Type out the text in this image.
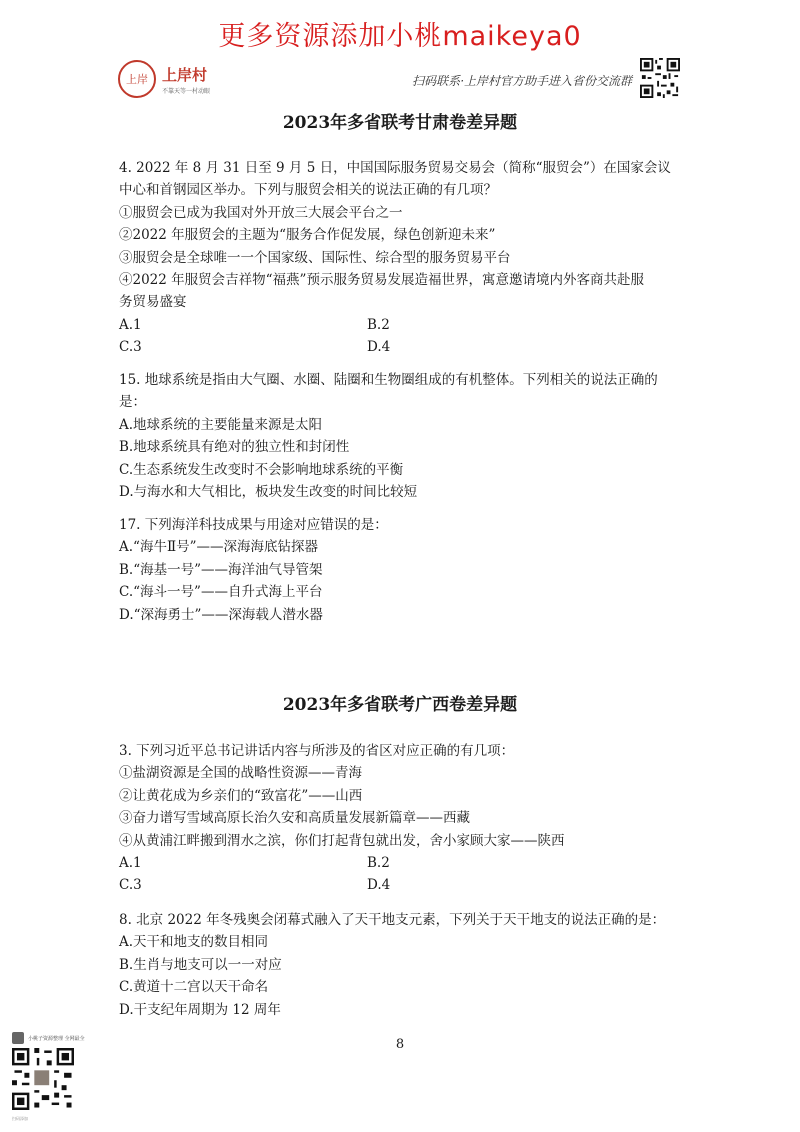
更多资源添加小桃maikeya0
上岸 上岸村
不靠天等一村动眼
扫码联系·上岸村官方助手进入省份交流群
2023年多省联考甘肃卷差异题

4. 2022 年 8 月 31 日至 9 月 5 日，中国国际服务贸易交易会（简称“服贸会”）在国家会议

中心和首钢园区举办。下列与服贸会相关的说法正确的有几项？

①服贸会已成为我国对外开放三大展会平台之一

②2022 年服贸会的主题为“服务合作促发展，绿色创新迎未来”

③服贸会是全球唯一一个国家级、国际性、综合型的服务贸易平台

④2022 年服贸会吉祥物“福燕”预示服务贸易发展造福世界，寓意邀请境内外客商共赴服

务贸易盛宴

A.1	B.2
C.3	D.4

15. 地球系统是指由大气圈、水圈、陆圈和生物圈组成的有机整体。下列相关的说法正确的

是：

A.地球系统的主要能量来源是太阳

B.地球系统具有绝对的独立性和封闭性

C.生态系统发生改变时不会影响地球系统的平衡

D.与海水和大气相比，板块发生改变的时间比较短

17. 下列海洋科技成果与用途对应错误的是：

A.“海牛Ⅱ号”——深海海底钻探器

B.“海基一号”——海洋油气导管架

C.“海斗一号”——自升式海上平台

D.“深海勇士”——深海载人潜水器

2023年多省联考广西卷差异题

3. 下列习近平总书记讲话内容与所涉及的省区对应正确的有几项：

①盐湖资源是全国的战略性资源——青海

②让黄花成为乡亲们的“致富花”——山西

③奋力谱写雪域高原长治久安和高质量发展新篇章——西藏

④从黄浦江畔搬到渭水之滨，你们打起背包就出发，舍小家顾大家——陕西

A.1	B.2
C.3	D.4

8. 北京 2022 年冬残奥会闭幕式融入了天干地支元素，下列关于天干地支的说法正确的是：

A.天干和地支的数目相同

B.生肖与地支可以一一对应

C.黄道十二宫以天干命名

D.干支纪年周期为 12 周年

8
小桃子资源整理 全网最全
扫码添加
